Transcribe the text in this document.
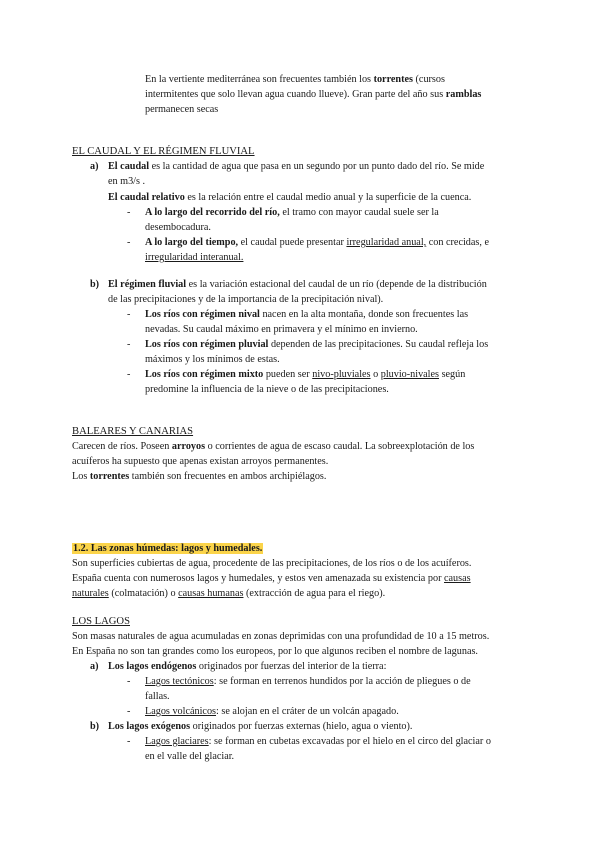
En la vertiente mediterránea son frecuentes también los torrentes (cursos
intermitentes que solo llevan agua cuando llueve). Gran parte del año sus ramblas
permanecen secas
EL CAUDAL Y EL RÉGIMEN FLUVIAL
a) El caudal es la cantidad de agua que pasa en un segundo por un punto dado del río. Se mide
en m3/s .
El caudal relativo es la relación entre el caudal medio anual y la superficie de la cuenca.
- A lo largo del recorrido del río, el tramo con mayor caudal suele ser la
desembocadura.
- A lo largo del tiempo, el caudal puede presentar irregularidad anual, con crecidas, e
irregularidad interanual.
b) El régimen fluvial es la variación estacional del caudal de un río (depende de la distribución
de las precipitaciones y de la importancia de la precipitación nival).
- Los ríos con régimen nival nacen en la alta montaña, donde son frecuentes las
nevadas. Su caudal máximo en primavera y el mínimo en invierno.
- Los ríos con régimen pluvial dependen de las precipitaciones. Su caudal refleja los
máximos y los mínimos de estas.
- Los ríos con régimen mixto pueden ser nivo-pluviales o pluvio-nivales según
predomine la influencia de la nieve o de las precipitaciones.
BALEARES Y CANARIAS
Carecen de ríos. Poseen arroyos o corrientes de agua de escaso caudal. La sobreexplotación de los
acuíferos ha supuesto que apenas existan arroyos permanentes.
Los torrentes también son frecuentes en ambos archipiélagos.
1.2. Las zonas húmedas: lagos y humedales.
Son superficies cubiertas de agua, procedente de las precipitaciones, de los ríos o de los acuíferos.
España cuenta con numerosos lagos y humedales, y estos ven amenazada su existencia por causas
naturales (colmatación) o causas humanas (extracción de agua para el riego).
LOS LAGOS
Son masas naturales de agua acumuladas en zonas deprimidas con una profundidad de 10 a 15 metros.
En España no son tan grandes como los europeos, por lo que algunos reciben el nombre de lagunas.
a) Los lagos endógenos originados por fuerzas del interior de la tierra:
- Lagos tectónicos: se forman en terrenos hundidos por la acción de pliegues o de
fallas.
- Lagos volcánicos: se alojan en el cráter de un volcán apagado.
b) Los lagos exógenos originados por fuerzas externas (hielo, agua o viento).
- Lagos glaciares: se forman en cubetas excavadas por el hielo en el circo del glaciar o
en el valle del glaciar.
